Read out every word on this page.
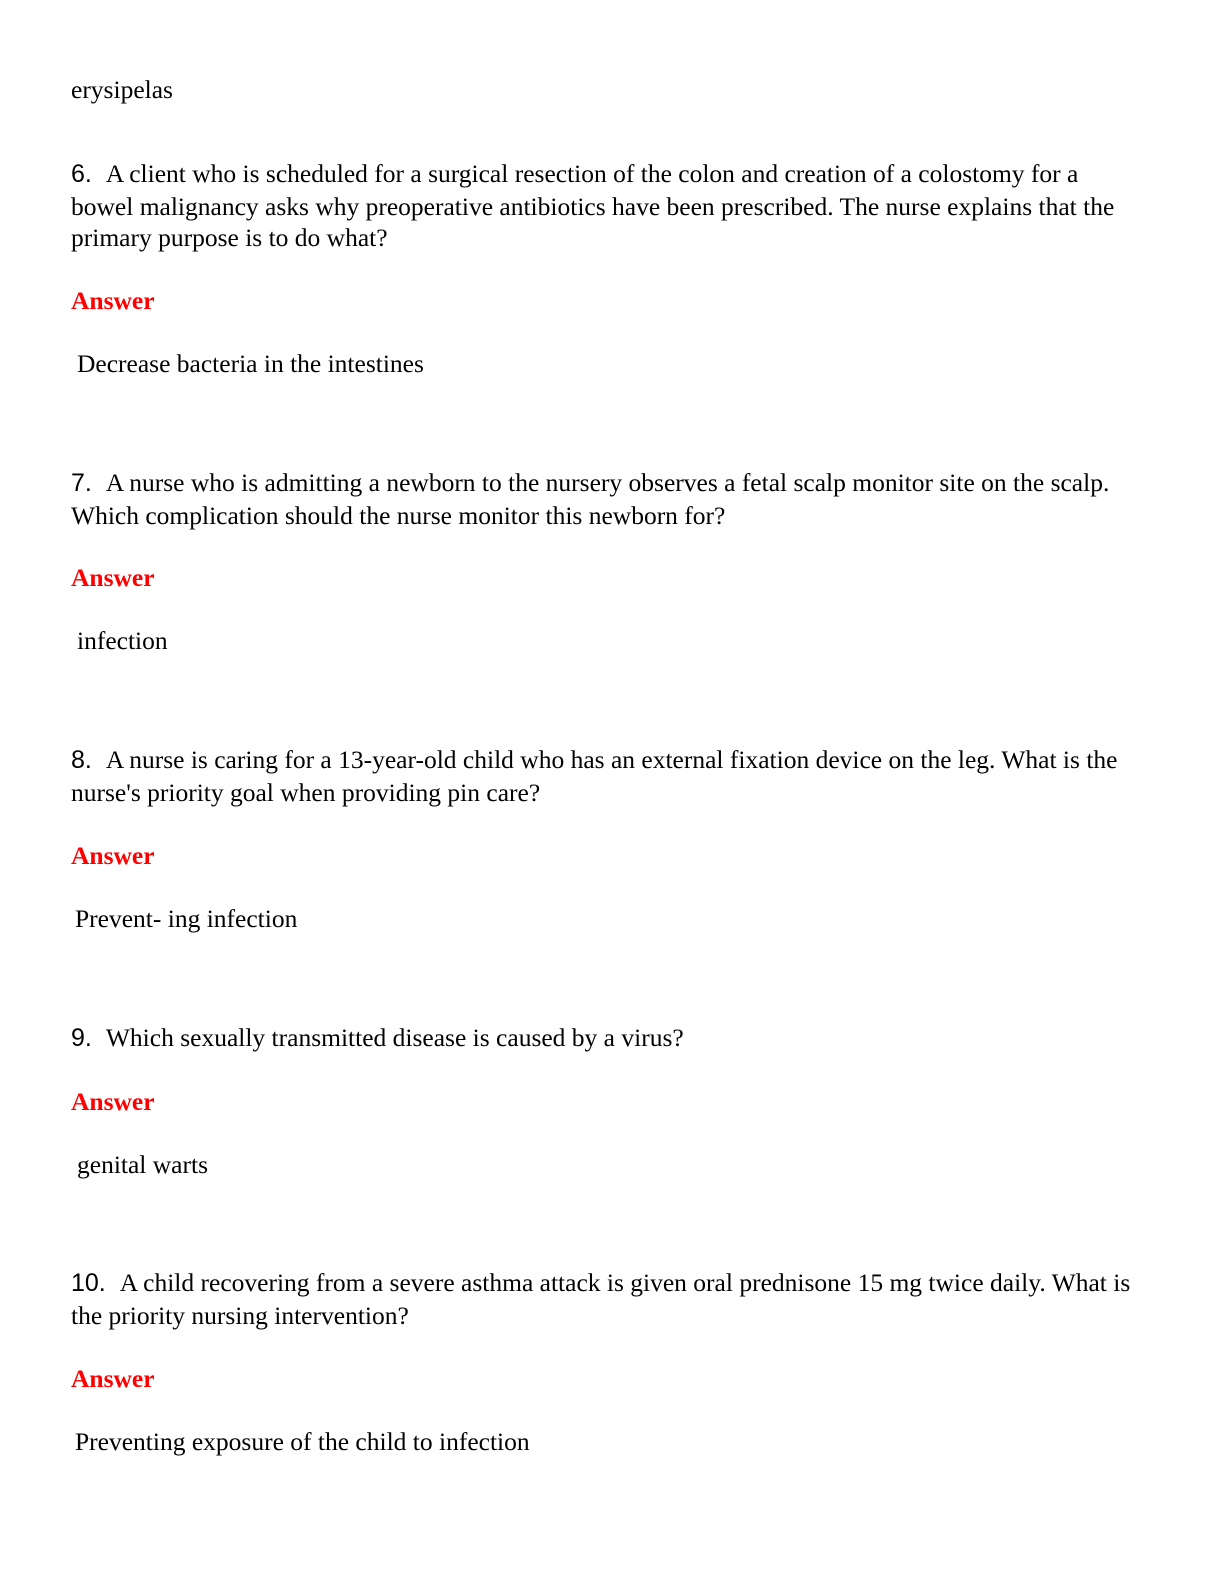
erysipelas

6. A client who is scheduled for a surgical resection of the colon and creation of a colostomy for a bowel malignancy asks why preoperative antibiotics have been prescribed. The nurse explains that the primary purpose is to do what?

Answer

Decrease bacteria in the intestines

7. A nurse who is admitting a newborn to the nursery observes a fetal scalp monitor site on the scalp. Which complication should the nurse monitor this newborn for?

Answer

infection

8. A nurse is caring for a 13-year-old child who has an external fixation device on the leg. What is the nurse's priority goal when providing pin care?

Answer

Prevent- ing infection

9. Which sexually transmitted disease is caused by a virus?

Answer

genital warts

10. A child recovering from a severe asthma attack is given oral prednisone 15 mg twice daily. What is the priority nursing intervention?

Answer

Preventing exposure of the child to infection
